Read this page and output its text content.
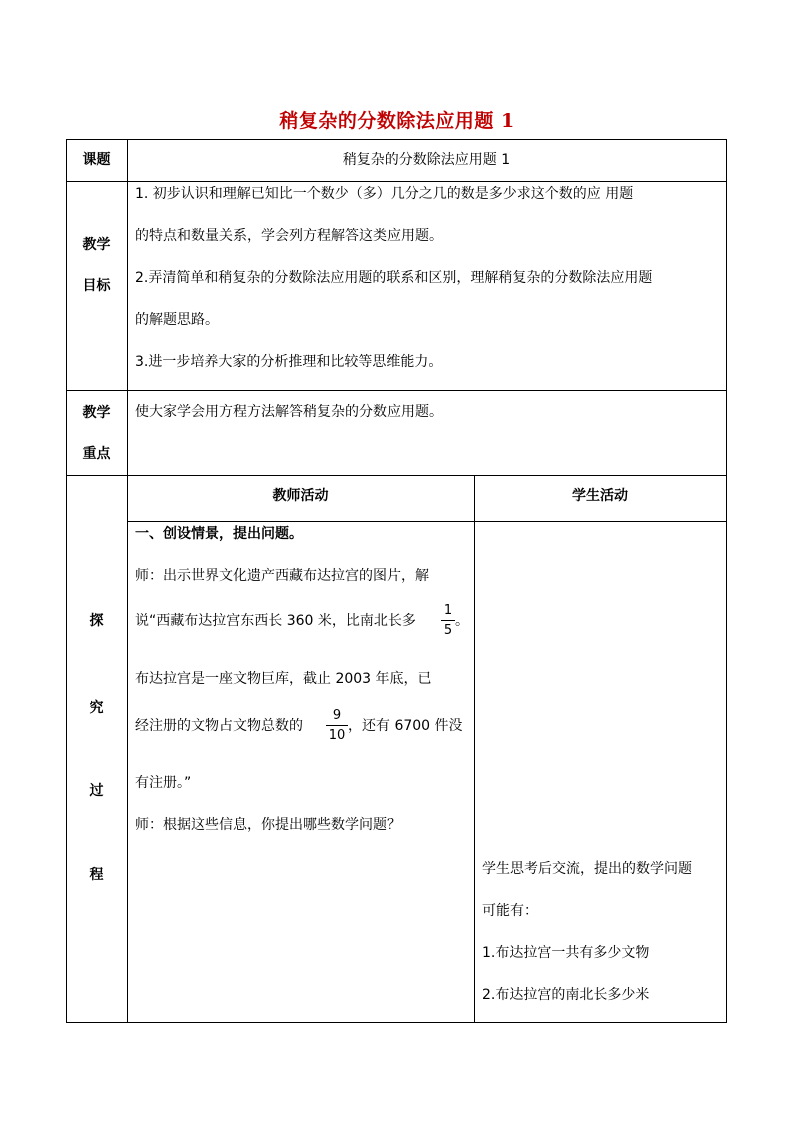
稍复杂的分数除法应用题 1
课题	稍复杂的分数除法应用题 1
教学
目标
1. 初步认识和理解已知比一个数少（多）几分之几的数是多少求这个数的应 用题
的特点和数量关系，学会列方程解答这类应用题。
2.弄清简单和稍复杂的分数除法应用题的联系和区别，理解稍复杂的分数除法应用题
的解题思路。
3.进一步培养大家的分析推理和比较等思维能力。
教学
重点
使大家学会用方程方法解答稍复杂的分数应用题。
探
究
过
程
教师活动	学生活动
一、创设情景，提出问题。
师：出示世界文化遗产西藏布达拉宫的图片，解
说“西藏布达拉宫东西长 360 米，比南北长多
1
5
。
布达拉宫是一座文物巨库，截止 2003 年底，已
经注册的文物占文物总数的
9
10
，还有 6700 件没
有注册。”
师：根据这些信息，你提出哪些数学问题？
学生思考后交流，提出的数学问题
可能有：
1.布达拉宫一共有多少文物
2.布达拉宫的南北长多少米
